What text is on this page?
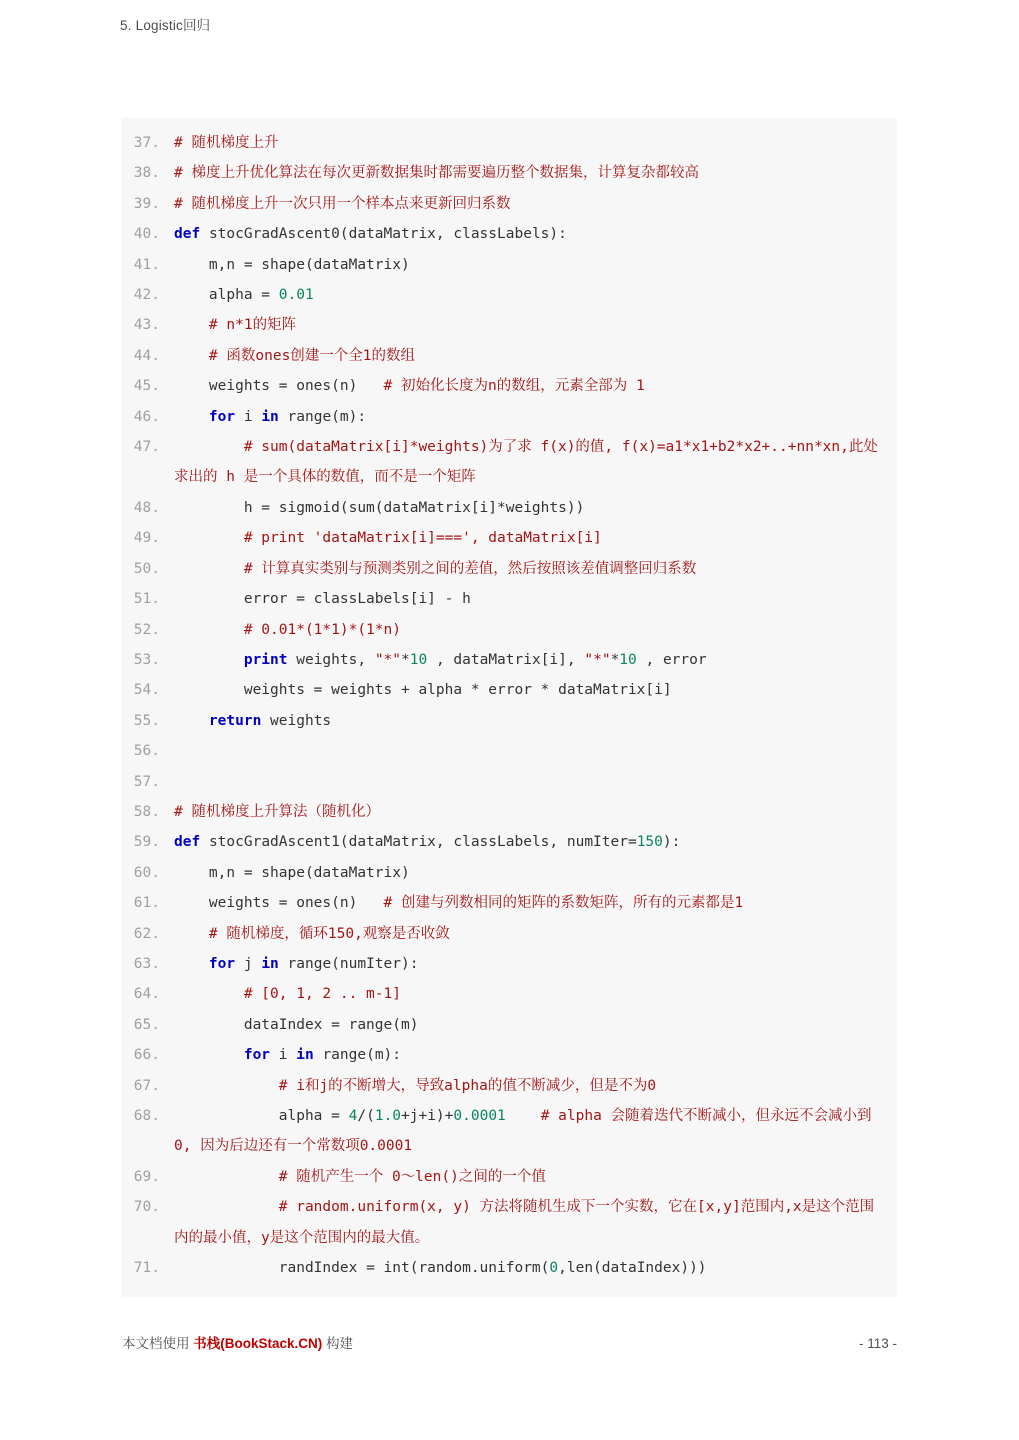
5. Logistic回归
37. # 随机梯度上升
38. # 梯度上升优化算法在每次更新数据集时都需要遍历整个数据集，计算复杂都较高
39. # 随机梯度上升一次只用一个样本点来更新回归系数
40. def stocGradAscent0(dataMatrix, classLabels):
41. m,n = shape(dataMatrix)
42. alpha = 0.01
43. # n*1的矩阵
44. # 函数ones创建一个全1的数组
45. weights = ones(n)   # 初始化长度为n的数组，元素全部为 1
46.	for i in range(m):
47. # sum(dataMatrix[i]*weights)为了求 f(x)的值, f(x)=a1*x1+b2*x2+..+nn*xn,此处求出的 h 是一个具体的数值，而不是一个矩阵
48. h = sigmoid(sum(dataMatrix[i]*weights))
49. # print 'dataMatrix[i]===', dataMatrix[i]
50. # 计算真实类别与预测类别之间的差值，然后按照该差值调整回归系数
51. error = classLabels[i] - h
52. # 0.01*(1*1)*(1*n)
53.	print weights, "*"*10 , dataMatrix[i], "*"*10 , error
54. weights = weights + alpha * error * dataMatrix[i]
55.	return weights
56.

57.

58. # 随机梯度上升算法（随机化）
59. def stocGradAscent1(dataMatrix, classLabels, numIter=150):
60. m,n = shape(dataMatrix)
61. weights = ones(n)   # 创建与列数相同的矩阵的系数矩阵，所有的元素都是1
62. # 随机梯度，循环150,观察是否收敛
63.	for j in range(numIter):
64. # [0, 1, 2 .. m-1]
65. dataIndex = range(m)
66.	for i in range(m):
67. # i和j的不断增大，导致alpha的值不断减少，但是不为0
68. alpha = 4/(1.0+j+i)+0.0001 # alpha 会随着迭代不断减小，但永远不会减小到0, 因为后边还有一个常数项0.0001
69. # 随机产生一个 0～len()之间的一个值
70. # random.uniform(x, y) 方法将随机生成下一个实数，它在[x,y]范围内,x是这个范围内的最小值，y是这个范围内的最大值。
71. randIndex = int(random.uniform(0,len(dataIndex)))
本文档使用 书栈(BookStack.CN) 构建	- 113 -
